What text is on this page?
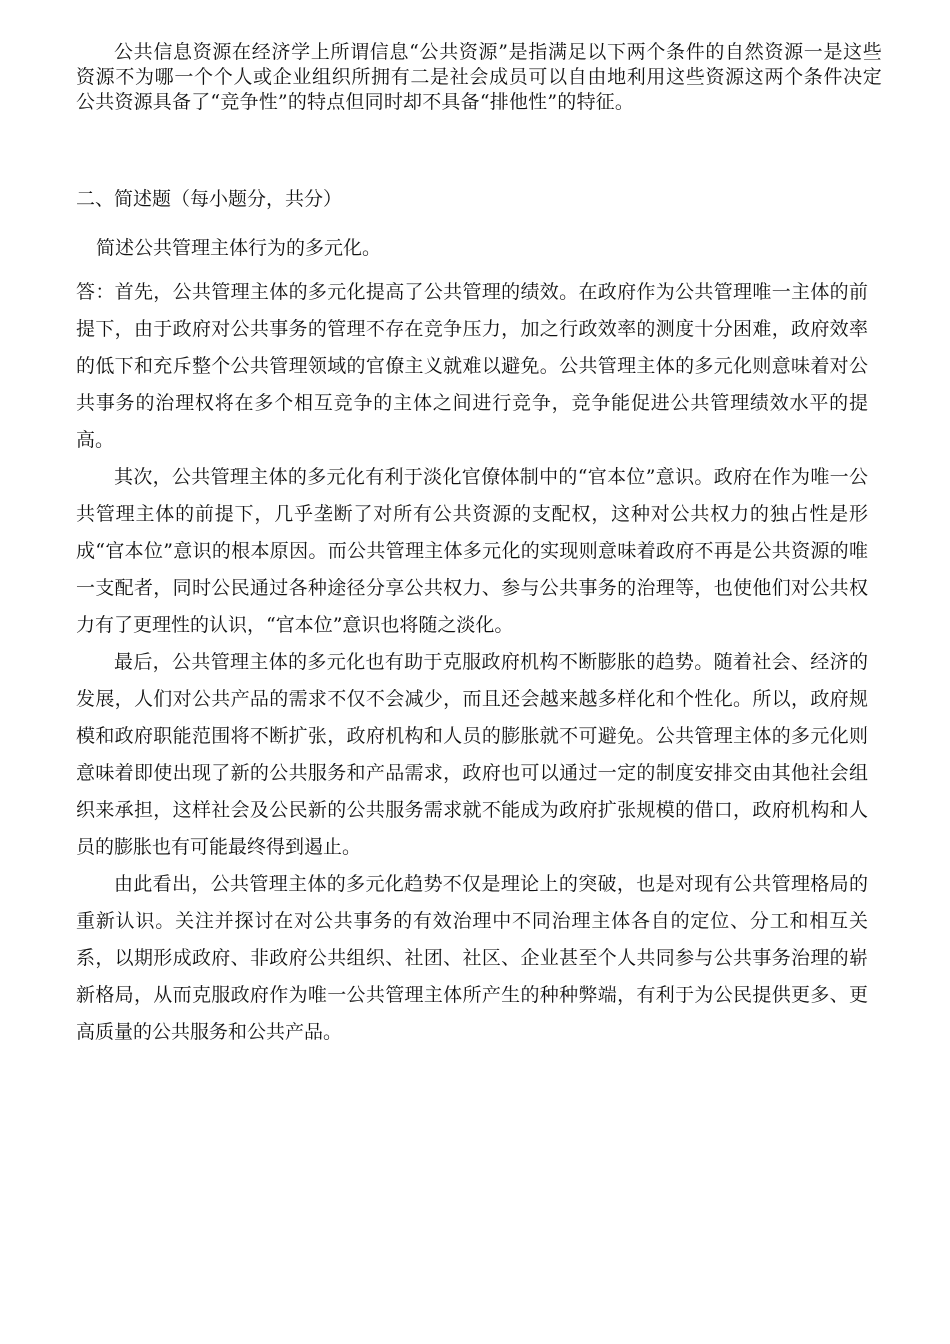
公共信息资源在经济学上所谓信息“公共资源”是指满足以下两个条件的自然资源一是这些资源不为哪一个个人或企业组织所拥有二是社会成员可以自由地利用这些资源这两个条件决定公共资源具备了“竞争性”的特点但同时却不具备“排他性”的特征。

二、简述题（每小题分，共分）

简述公共管理主体行为的多元化。

答：首先，公共管理主体的多元化提高了公共管理的绩效。在政府作为公共管理唯一主体的前提下，由于政府对公共事务的管理不存在竞争压力，加之行政效率的测度十分困难，政府效率的低下和充斥整个公共管理领域的官僚主义就难以避免。公共管理主体的多元化则意味着对公共事务的治理权将在多个相互竞争的主体之间进行竞争，竞争能促进公共管理绩效水平的提高。

其次，公共管理主体的多元化有利于淡化官僚体制中的“官本位”意识。政府在作为唯一公共管理主体的前提下，几乎垄断了对所有公共资源的支配权，这种对公共权力的独占性是形成“官本位”意识的根本原因。而公共管理主体多元化的实现则意味着政府不再是公共资源的唯一支配者，同时公民通过各种途径分享公共权力、参与公共事务的治理等，也使他们对公共权力有了更理性的认识，“官本位”意识也将随之淡化。

最后，公共管理主体的多元化也有助于克服政府机构不断膨胀的趋势。随着社会、经济的发展，人们对公共产品的需求不仅不会减少，而且还会越来越多样化和个性化。所以，政府规模和政府职能范围将不断扩张，政府机构和人员的膨胀就不可避免。公共管理主体的多元化则意味着即使出现了新的公共服务和产品需求，政府也可以通过一定的制度安排交由其他社会组织来承担，这样社会及公民新的公共服务需求就不能成为政府扩张规模的借口，政府机构和人员的膨胀也有可能最终得到遏止。

由此看出，公共管理主体的多元化趋势不仅是理论上的突破，也是对现有公共管理格局的重新认识。关注并探讨在对公共事务的有效治理中不同治理主体各自的定位、分工和相互关系，以期形成政府、非政府公共组织、社团、社区、企业甚至个人共同参与公共事务治理的崭新格局，从而克服政府作为唯一公共管理主体所产生的种种弊端，有利于为公民提供更多、更高质量的公共服务和公共产品。
